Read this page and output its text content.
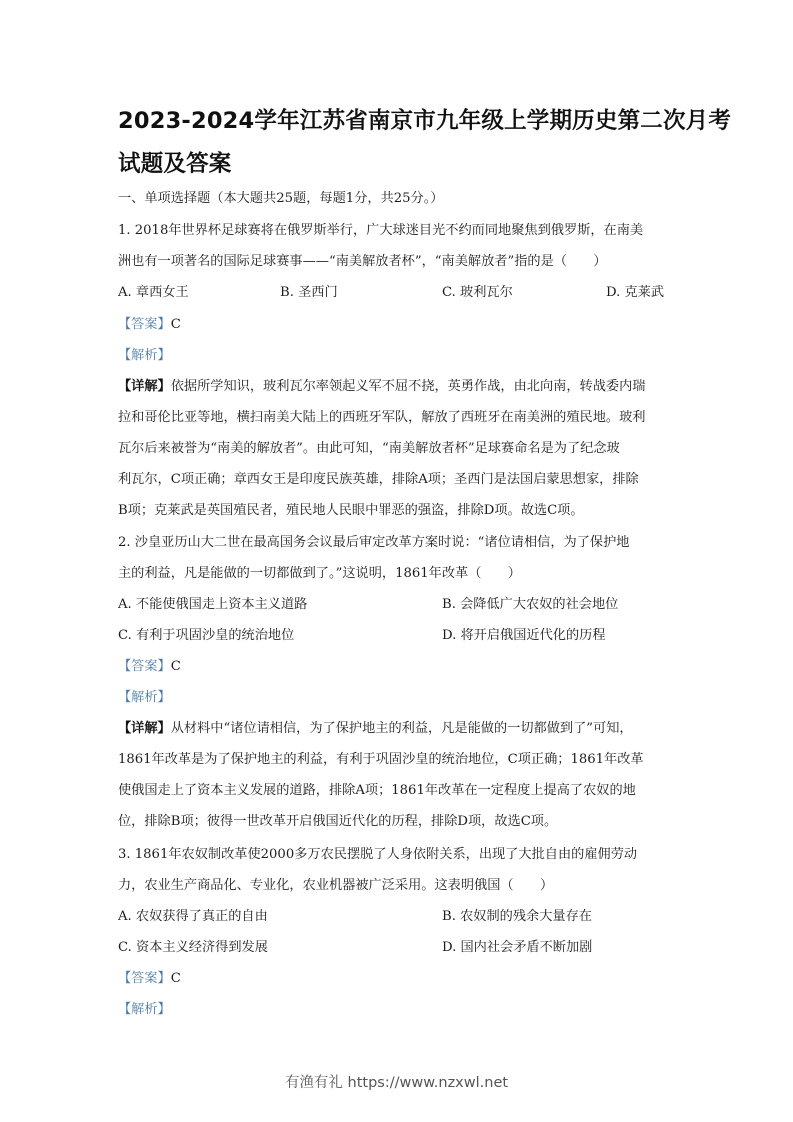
2023-2024学年江苏省南京市九年级上学期历史第二次月考
试题及答案
一、单项选择题（本大题共25题，每题1分，共25分。）
1. 2018年世界杯足球赛将在俄罗斯举行，广大球迷目光不约而同地聚焦到俄罗斯，在南美
洲也有一项著名的国际足球赛事——“南美解放者杯”，“南美解放者”指的是（　　）
A. 章西女王	B. 圣西门	C. 玻利瓦尔	D. 克莱武
【答案】C
【解析】
【详解】依据所学知识，玻利瓦尔率领起义军不屈不挠，英勇作战，由北向南，转战委内瑞
拉和哥伦比亚等地，横扫南美大陆上的西班牙军队，解放了西班牙在南美洲的殖民地。玻利
瓦尔后来被誉为“南美的解放者”。由此可知，“南美解放者杯”足球赛命名是为了纪念玻
利瓦尔，C项正确；章西女王是印度民族英雄，排除A项；圣西门是法国启蒙思想家，排除
B项；克莱武是英国殖民者，殖民地人民眼中罪恶的强盗，排除D项。故选C项。
2. 沙皇亚历山大二世在最高国务会议最后审定改革方案时说：“诸位请相信，为了保护地
主的利益，凡是能做的一切都做到了。”这说明，1861年改革（　　）
A. 不能使俄国走上资本主义道路	B. 会降低广大农奴的社会地位
C. 有利于巩固沙皇的统治地位	D. 将开启俄国近代化的历程
【答案】C
【解析】
【详解】从材料中“诸位请相信，为了保护地主的利益，凡是能做的一切都做到了”可知，
1861年改革是为了保护地主的利益，有利于巩固沙皇的统治地位，C项正确；1861年改革
使俄国走上了资本主义发展的道路，排除A项；1861年改革在一定程度上提高了农奴的地
位，排除B项；彼得一世改革开启俄国近代化的历程，排除D项，故选C项。
3. 1861年农奴制改革使2000多万农民摆脱了人身依附关系，出现了大批自由的雇佣劳动
力，农业生产商品化、专业化，农业机器被广泛采用。这表明俄国（　　）
A. 农奴获得了真正的自由	B. 农奴制的残余大量存在
C. 资本主义经济得到发展	D. 国内社会矛盾不断加剧
【答案】C
【解析】
有渔有礼 https://www.nzxwl.net
